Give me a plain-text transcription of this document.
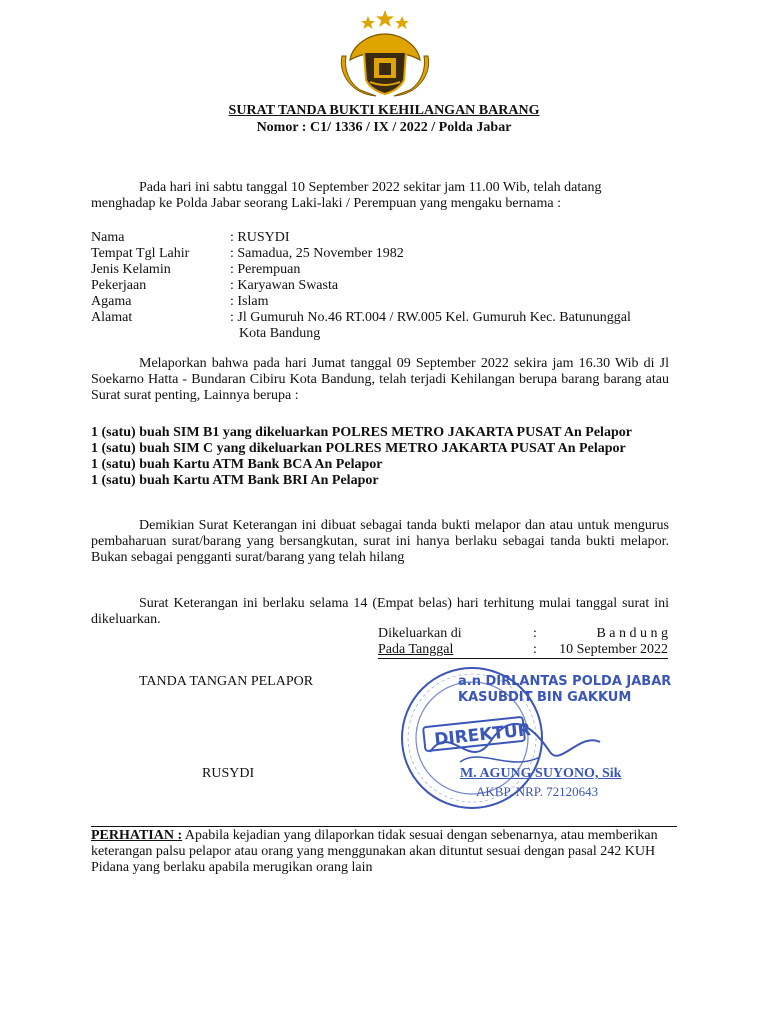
SURAT TANDA BUKTI KEHILANGAN BARANG
Nomor : C1/ 1336 / IX / 2022 / Polda Jabar
Pada hari ini sabtu tanggal 10 September 2022 sekitar jam 11.00 Wib, telah datang menghadap ke Polda Jabar seorang Laki-laki / Perempuan yang mengaku bernama :
Nama	: RUSYDI
Tempat Tgl Lahir	: Samadua, 25 November 1982
Jenis Kelamin	: Perempuan
Pekerjaan	: Karyawan Swasta
Agama	: Islam
Alamat	: Jl Gumuruh No.46 RT.004 / RW.005 Kel. Gumuruh Kec. Batununggal
Kota Bandung
Melaporkan bahwa pada hari Jumat tanggal 09 September 2022 sekira jam 16.30 Wib di Jl Soekarno Hatta - Bundaran Cibiru Kota Bandung, telah terjadi Kehilangan berupa barang barang atau Surat surat penting, Lainnya berupa :
1 (satu) buah SIM B1 yang dikeluarkan POLRES METRO JAKARTA PUSAT An Pelapor
1 (satu) buah SIM C yang dikeluarkan POLRES METRO JAKARTA PUSAT An Pelapor
1 (satu) buah Kartu ATM Bank BCA An Pelapor
1 (satu) buah Kartu ATM Bank BRI An Pelapor
Demikian Surat Keterangan ini dibuat sebagai tanda bukti melapor dan atau untuk mengurus pembaharuan surat/barang yang bersangkutan, surat ini hanya berlaku sebagai tanda bukti melapor. Bukan sebagai pengganti surat/barang yang telah hilang
Surat Keterangan ini berlaku selama 14 (Empat belas) hari terhitung mulai tanggal surat ini dikeluarkan.
Dikeluarkan di	:	B a n d u n g
Pada Tanggal	: 10 September 2022
TANDA TANGAN PELAPOR
RUSYDI
DIREKTUR
a.n DIRLANTAS POLDA JABAR
KASUBDIT BIN GAKKUM
M. AGUNG SUYONO, Sik
AKBP. NRP. 72120643
PERHATIAN : Apabila kejadian yang dilaporkan tidak sesuai dengan sebenarnya, atau memberikan keterangan palsu pelapor atau orang yang menggunakan akan dituntut sesuai dengan pasal 242 KUH Pidana yang berlaku apabila merugikan orang lain
